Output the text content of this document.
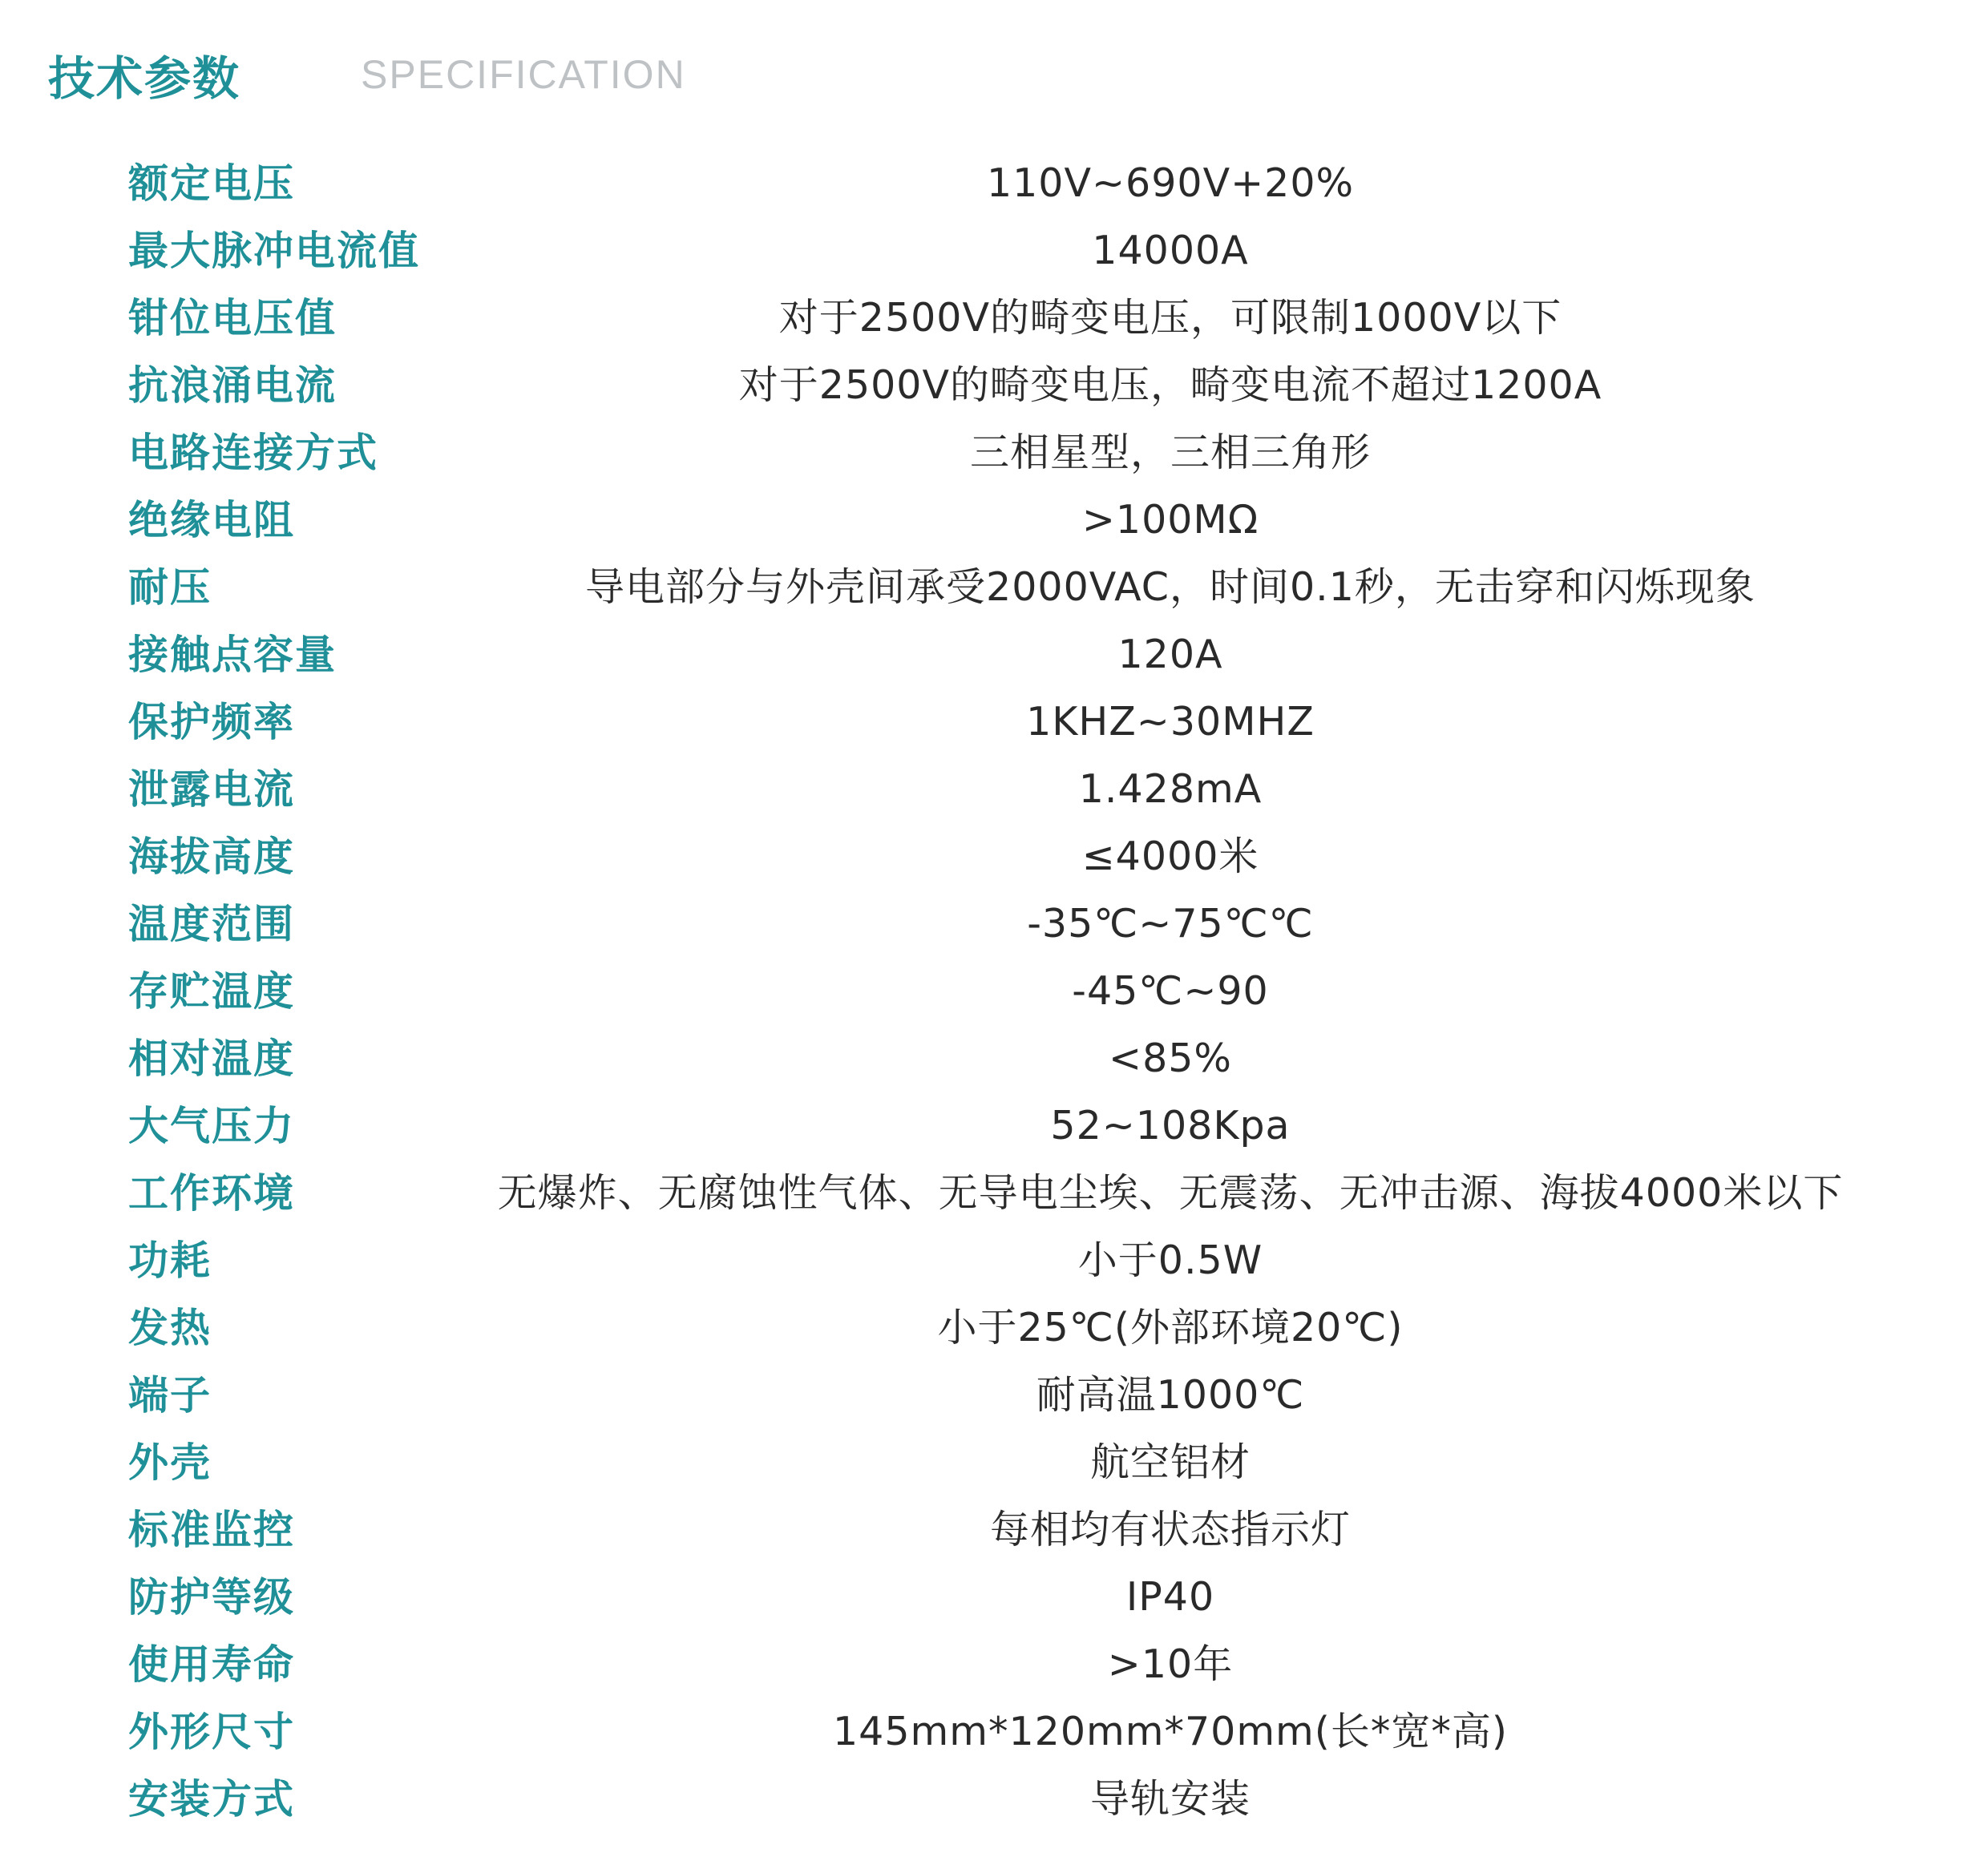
技术参数	SPECIFICATION
额定电压	110V~690V+20%
最大脉冲电流值	14000A
钳位电压值	对于2500V的畸变电压，可限制1000V以下
抗浪涌电流	对于2500V的畸变电压，畸变电流不超过1200A
电路连接方式	三相星型，三相三角形
绝缘电阻	>100MΩ
耐压	导电部分与外壳间承受2000VAC，时间0.1秒，无击穿和闪烁现象
接触点容量	120A
保护频率	1KHZ~30MHZ
泄露电流	1.428mA
海拔高度	≤4000米
温度范围	-35℃~75℃℃
存贮温度	-45℃~90
相对温度	<85%
大气压力	52~108Kpa
工作环境	无爆炸、无腐蚀性气体、无导电尘埃、无震荡、无冲击源、海拔4000米以下
功耗	小于0.5W
发热	小于25℃(外部环境20℃)
端子	耐高温1000℃
外壳	航空铝材
标准监控	每相均有状态指示灯
防护等级	IP40
使用寿命	>10年
外形尺寸	145mm*120mm*70mm(长*宽*高)
安装方式	导轨安装
